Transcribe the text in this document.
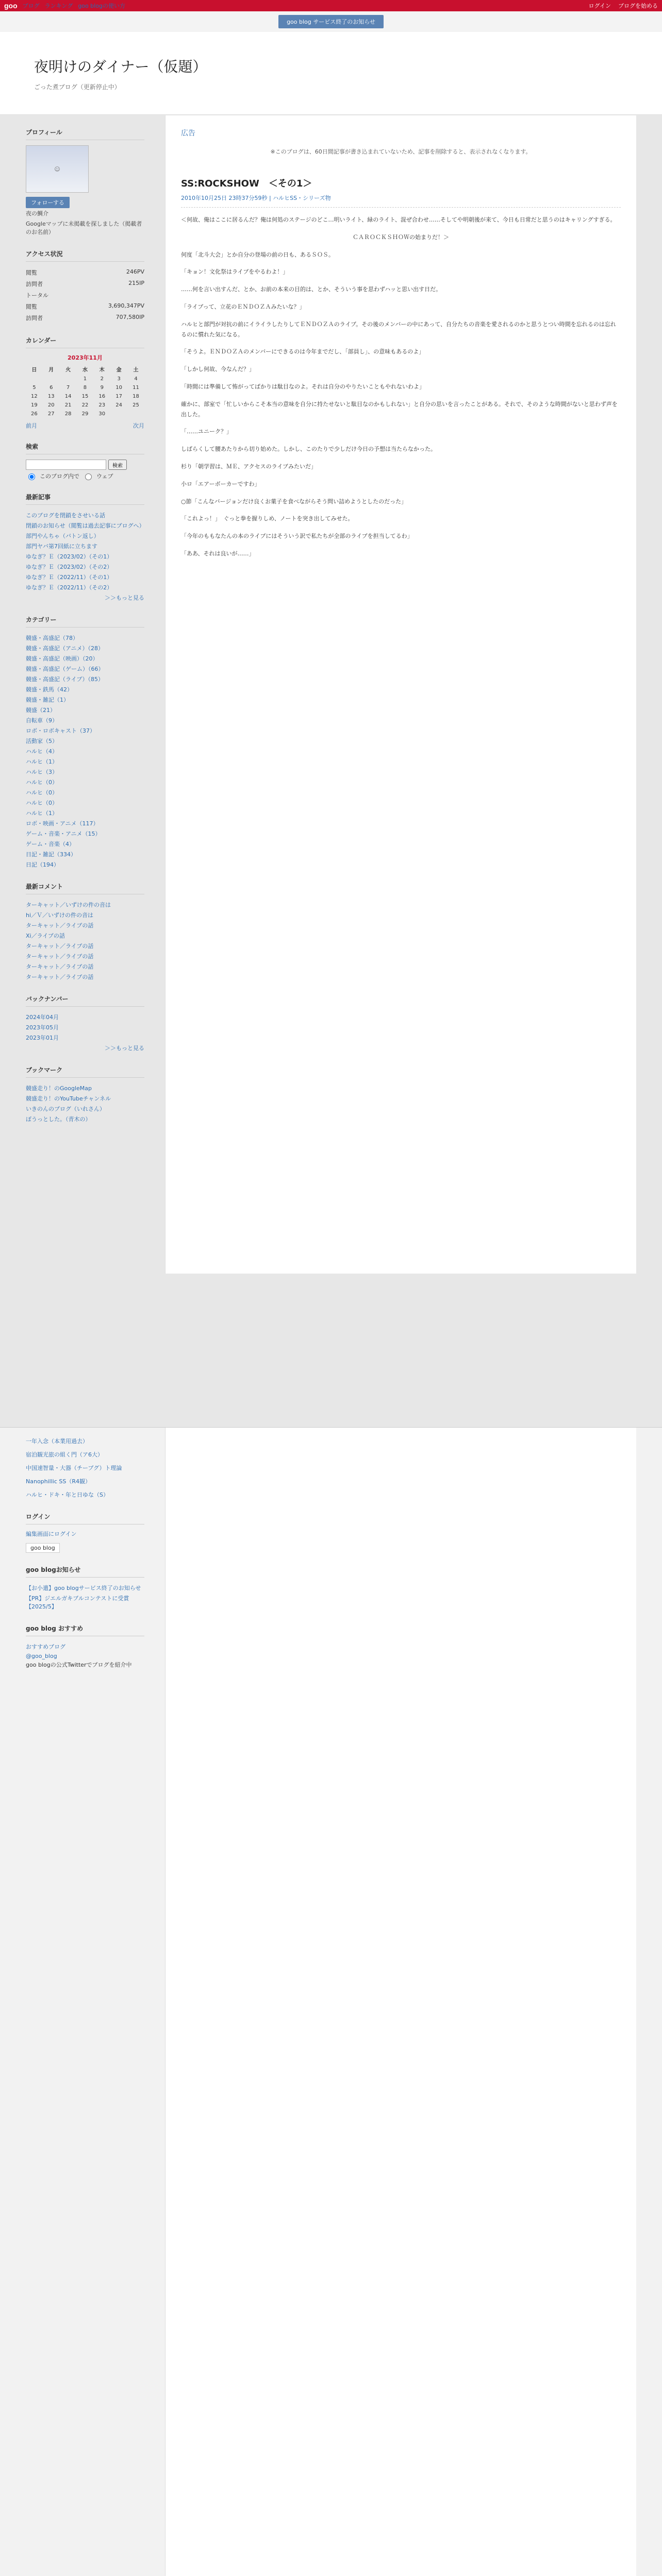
goo ブログ ランキング goo blogの使い方	ログイン ブログを始める
goo blog サービス終了のお知らせ
夜明けのダイナー（仮題）
ごった煮ブログ（更新停止中）
プロフィール
☺
フォローする
夜の鯛介
Googleマップに未掲載を探しました（掲載者のお名前）
アクセス状況
閲覧	246PV
訪問者	215IP
トータル
閲覧	3,690,347PV
訪問者	707,580IP
カレンダー
2023年11月
日	月	火	水	木	金	土
			1	2	3	4
5	6	7	8	9	10	11
12	13	14	15	16	17	18
19	20	21	22	23	24	25
26	27	28	29	30		
前月	次月
検索
検索
このブログ内で	ウェブ
最新記事
このブログを閉鎖をさせいる話
閉鎖のお知らせ（閲覧は過去記事にブログへ）
部門やんちゃ（バトン返し）
部門ヤバ第7回紙に立ちます
ゆなぎ？Ｅ（2023/02）（その1）
ゆなぎ？Ｅ（2023/02）（その2）
ゆなぎ？Ｅ（2022/11）（その1）
ゆなぎ？Ｅ（2022/11）（その2）
＞＞もっと見る
カテゴリー
競盛・高盛記（78）
競盛・高盛記（アニメ）（28）
競盛・高盛記（映画）（20）
競盛・高盛記（ゲーム）（66）
競盛・高盛記（ライブ）（85）
競盛・鉄馬（42）
競盛・雑記（1）
競盛（21）
自転車（9）
ロボ・ロボキャスト（37）
活動家（5）
ハルヒ（4）
ハルヒ（1）
ハルヒ（3）
ハルヒ（0）
ハルヒ（0）
ハルヒ（0）
ハルヒ（1）
ロボ・映画・アニメ（117）
ゲーム・音楽・アニメ（15）
ゲーム・音楽（4）
日記・雑記（334）
日記（194）
最新コメント
ターキャット／いずけの件の音は
hi／Ｖ／いずけの件の音は
ターキャット／ライブの話
Xi／ライブの話
ターキャット／ライブの話
ターキャット／ライブの話
ターキャット／ライブの話
ターキャット／ライブの話
バックナンバー
2024年04月
2023年05月
2023年01月
＞＞もっと見る
ブックマーク
競盛走り！のGoogleMap
競盛走り！のYouTubeチャンネル
いきのんのブログ（いれさん）
ぼうっとした。（青木の）
広告
※このブログは、60日間記事が書き込まれていないため、記事を削除すると、表示されなくなります。
SS:ROCKSHOW　＜その1＞
2010年10月25日 23時37分59秒 | ハルヒSS・シリーズ物

＜何故、俺はここに居るんだ？俺は何処のステージのどこ…明いライト、緑のライト、混ぜ合わせ……そしてや明朝後が来て、今日も日常だと思うのはキャリングすぎる。

ＣＡＲＯＣＫＳＨＯＷの始まりだ！＞

何度「北斗大会」とか自分の登場の前の日も、あるＳＯＳ。

「キョン！文化祭はライブをやるわよ！」

……何を言い出すんだ、とか、お前の本来の目的は、とか、そういう事を思わずハッと思い出す日だ。

「ライブって、立花のＥＮＤＯＺＡみたいな？」

ハルヒと部門が対抗の前にイライラしたりしてＥＮＤＯＺＡのライブ。その後のメンバーの中にあって、自分たちの音楽を愛されるのかと思うとつい時間を忘れるのは忘れるのに慣れた気になる。

「そうよ。ＥＮＤＯＺＡのメンバーにできるのは今年までだし、「部員し」、の意味もあるのよ」

「しかし何故、今なんだ？」

「時間には準備して怖がってばかりは駄目なのよ。それは自分のやりたいこともやれないわよ」

確かに、部室で「忙しいからこそ本当の意味を自分に持たせないと駄目なのかもしれない」と自分の思いを言ったことがある。それで、そのような時間がないと思わず声を出した。

「……ユニーク？」

しばらくして腰あたりから切り始めた。しかし、このたりで少しだけ今日の予想は当たらなかった。

杉り「朝学習は、ＭＥ、アクセスのライブみたいだ」

小ロ「エアーボーカーですわ」

○節「こんなバージョンだけ良くお菓子を食べながらそう問い詰めようとしたのだった」

「これよっ！」　ぐっと拳を握りしめ、ノートを突き出してみせた。

「今年のももなたんの本のライブにはそういう訳で私たちが全部のライブを担当してるわ」

「ああ、それは良いが……」

一年入念（本業用過去）

宿泊観光旅の組く門（ア6大）

中国速智量・大器（チーブグ）ト理論

Nanophillic SS（R4観）

ハルヒ・ドキ・年と日ゆな（S）

ログイン
編集画面にログイン
goo blog
goo blogお知らせ
【お小遣】goo blogサービス終了のお知らせ
【PR】ジエルガキブルコンテストに受賞【2025/5】
goo blog おすすめ
おすすめブログ
@goo_blog
goo blogの公式Twitterでブログを紹介中
